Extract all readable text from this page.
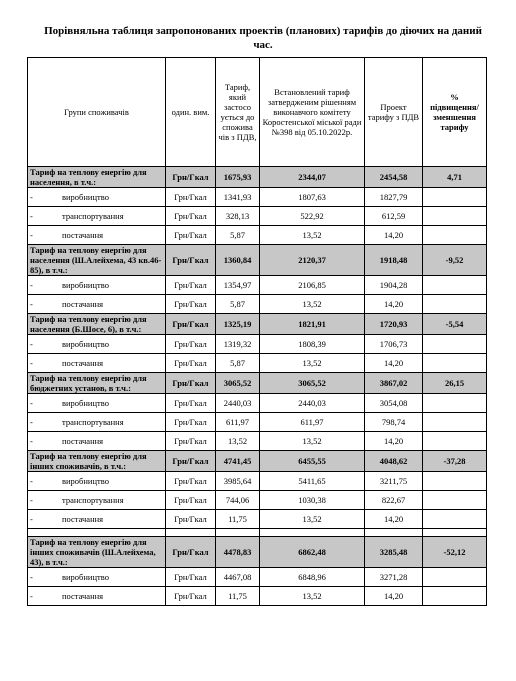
Порівняльна таблиця запропонованих проектів (планових) тарифів до діючих на даний час.
Групи споживачів	один. вим.	Тариф, який застосо ується до спожива чів з ПДВ,	Встановлений тариф затвердженим рішенням виконавчого комітету Коростенської міської ради №398 від 05.10.2022р.	Проект тарифу з ПДВ	% підвищення/ зменшення тарифу
Тариф на теплову енергію для населення, в т.ч.:	Грн/Гкал	1675,93	2344,07	2454,58	4,71
- виробництво	Грн/Гкал	1341,93	1807,63	1827,79	
- транспортування	Грн/Гкал	328,13	522,92	612,59	
- постачання	Грн/Гкал	5,87	13,52	14,20	
Тариф на теплову енергію для населення (Ш.Алейхема, 43 кв.46-85), в т.ч.:	Грн/Гкал	1360,84	2120,37	1918,48	-9,52
- виробництво	Грн/Гкал	1354,97	2106,85	1904,28	
- постачання	Грн/Гкал	5,87	13,52	14,20	
Тариф на теплову енергію для населення (Б.Шосе, 6), в т.ч.:	Грн/Гкал	1325,19	1821,91	1720,93	-5,54
- виробництво	Грн/Гкал	1319,32	1808,39	1706,73	
- постачання	Грн/Гкал	5,87	13,52	14,20	
Тариф на теплову енергію для бюджетних установ, в т.ч.:	Грн/Гкал	3065,52	3065,52	3867,02	26,15
- виробництво	Грн/Гкал	2440,03	2440,03	3054,08	
- транспортування	Грн/Гкал	611,97	611,97	798,74	
- постачання	Грн/Гкал	13,52	13,52	14,20	
Тариф на теплову енергію для інших споживачів, в т.ч.:	Грн/Гкал	4741,45	6455,55	4048,62	-37,28
- виробництво	Грн/Гкал	3985,64	5411,65	3211,75	
- транспортування	Грн/Гкал	744,06	1030,38	822,67	
- постачання	Грн/Гкал	11,75	13,52	14,20	

Тариф на теплову енергію для інших споживачів (Ш.Алейхема, 43), в т.ч.:	Грн/Гкал	4478,83	6862,48	3285,48	-52,12
- виробництво	Грн/Гкал	4467,08	6848,96	3271,28	
- постачання	Грн/Гкал	11,75	13,52	14,20	
